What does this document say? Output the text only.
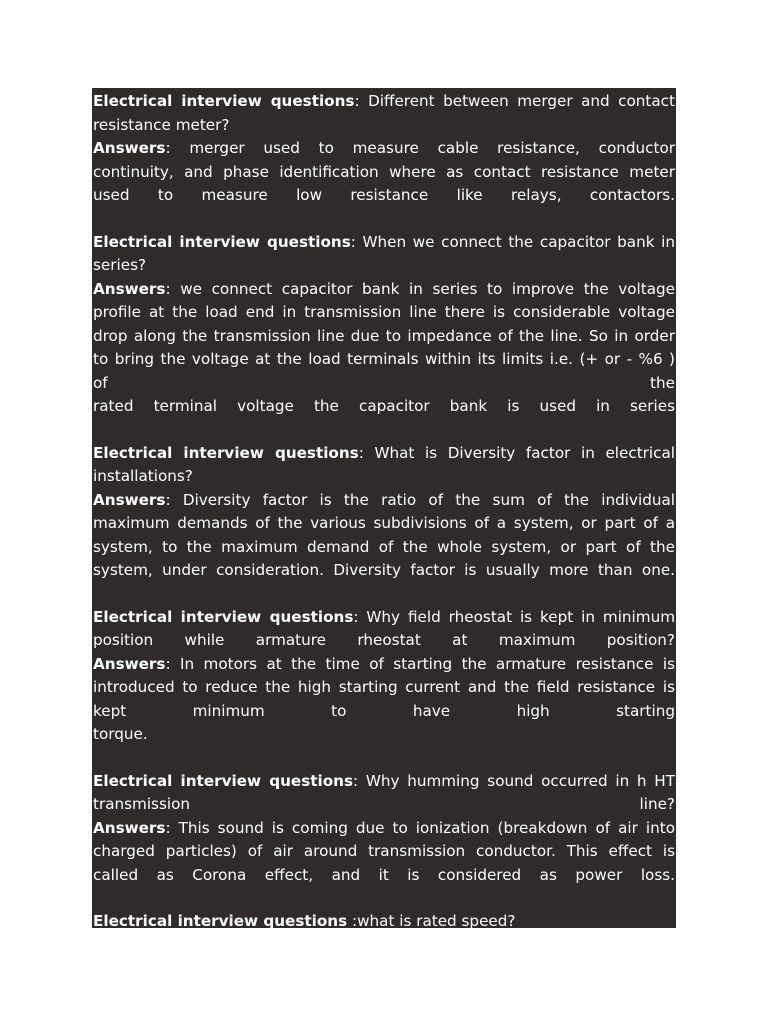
Electrical interview questions: Different between merger and contact
resistance meter?
Answers: merger used to measure cable resistance, conductor
continuity, and phase identification where as contact resistance meter
used to measure low resistance like relays, contactors.
Electrical interview questions: When we connect the capacitor bank in
series?
Answers: we connect capacitor bank in series to improve the voltage
profile at the load end in transmission line there is considerable voltage
drop along the transmission line due to impedance of the line. So in order
to bring the voltage at the load terminals within its limits i.e. (+ or - %6 )
of the
rated terminal voltage the capacitor bank is used in series
Electrical interview questions: What is Diversity factor in electrical
installations?
Answers: Diversity factor is the ratio of the sum of the individual
maximum demands of the various subdivisions of a system, or part of a
system, to the maximum demand of the whole system, or part of the
system, under consideration. Diversity factor is usually more than one.
Electrical interview questions: Why field rheostat is kept in minimum
position while armature rheostat at maximum position?
Answers: In motors at the time of starting the armature resistance is
introduced to reduce the high starting current and the field resistance is
kept minimum to have high starting
torque.
Electrical interview questions: Why humming sound occurred in h HT
transmission line?
Answers: This sound is coming due to ionization (breakdown of air into
charged particles) of air around transmission conductor. This effect is
called as Corona effect, and it is considered as power loss.
Electrical interview questions :what is rated speed?
